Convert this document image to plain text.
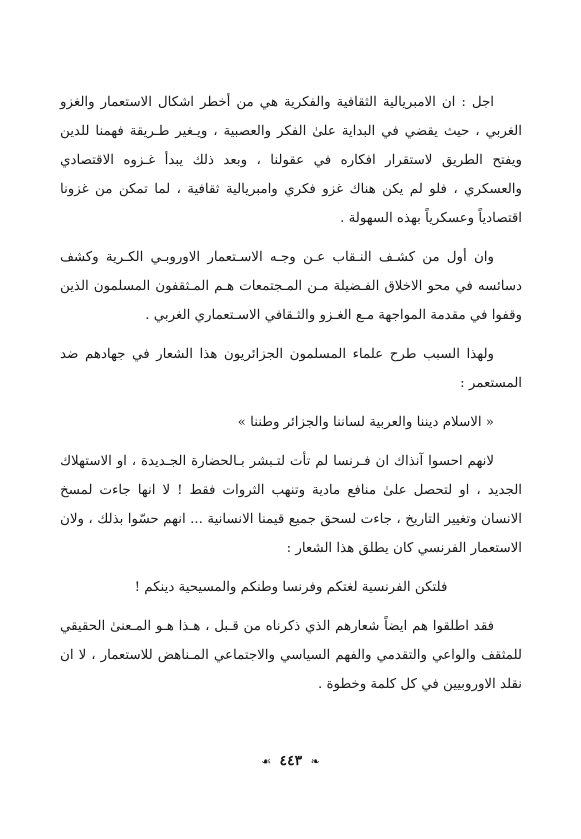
اجل : ان الامبريالية الثقافية والفكرية هي من أخطر اشكال الاستعمار والغزو الغربي ، حيث يقضي في البداية علىٰ الفكر والعصبية ، ويـغير طـريقة فهمنا للدين ويفتح الطريق لاستقرار افكاره في عقولنا ، وبعد ذلك يبدأ غـزوه الاقتصادي والعسكري ، فلو لم يكن هناك غزو فكري وامبريالية ثقافية ، لما تمكن من غزونا اقتصادياً وعسكرياً بهذه السهولة .

وان أول من كشـف النـقاب عـن وجـه الاسـتعمار الاوروبـي الكـرية وكشف دسائسه في محو الاخلاق الفـضيلة مـن المـجتمعات هـم المـثقفون المسلمون الذين وقفوا في مقدمة المواجهة مـع الغـزو والثـقافي الاسـتعماري الغربي .

ولهذا السبب طرح علماء المسلمون الجزائريون هذا الشعار في جهادهم ضد المستعمر :

« الاسلام ديننا والعربية لساننا والجزائر وطننا »

لانهم احسوا آنذاك ان فـرنسا لم تأت لتـبشر بـالحضارة الجـديدة ، او الاستهلاك الجديد ، او لتحصل علىٰ منافع مادية وتنهب الثروات فقط ! لا انها جاءت لمسخ الانسان وتغيير التاريخ ، جاءت لسحق جميع قيمنا الانسانية ... انهم حسّوا بذلك ، ولان الاستعمار الفرنسي كان يطلق هذا الشعار :

فلتكن الفرنسية لغتكم وفرنسا وطنكم والمسيحية دينكم !

فقد اطلقوا هم ايضاً شعارهم الذي ذكرناه من قـبل ، هـذا هـو المـعنىٰ الحقيقي للمثقف والواعي والتقدمي والفهم السياسي والاجتماعي المـناهض للاستعمار ، لا ان نقلد الاوروبيين في كل كلمة وخطوة .

❧ ٤٤٣ ☙
